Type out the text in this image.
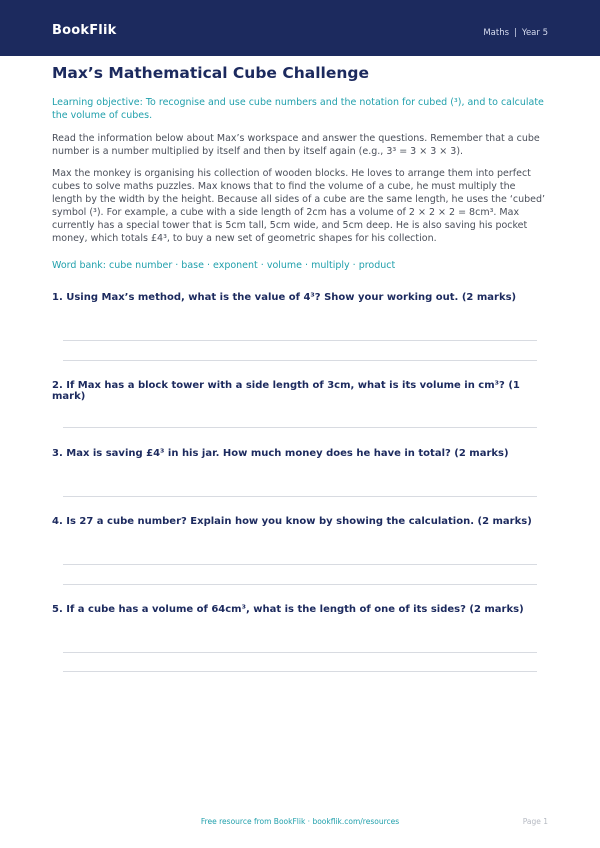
BookFlik	Maths | Year 5
Max’s Mathematical Cube Challenge

Learning objective: To recognise and use cube numbers and the notation for cubed (³), and to calculate the volume of cubes.

Read the information below about Max’s workspace and answer the questions. Remember that a cube number is a number multiplied by itself and then by itself again (e.g., 3³ = 3 × 3 × 3).

Max the monkey is organising his collection of wooden blocks. He loves to arrange them into perfect cubes to solve maths puzzles. Max knows that to find the volume of a cube, he must multiply the length by the width by the height. Because all sides of a cube are the same length, he uses the ‘cubed’ symbol (³). For example, a cube with a side length of 2cm has a volume of 2 × 2 × 2 = 8cm³. Max currently has a special tower that is 5cm tall, 5cm wide, and 5cm deep. He is also saving his pocket money, which totals £4³, to buy a new set of geometric shapes for his collection.

Word bank: cube number · base · exponent · volume · multiply · product

1. Using Max’s method, what is the value of 4³? Show your working out. (2 marks)

2. If Max has a block tower with a side length of 3cm, what is its volume in cm³? (1 mark)

3. Max is saving £4³ in his jar. How much money does he have in total? (2 marks)

4. Is 27 a cube number? Explain how you know by showing the calculation. (2 marks)

5. If a cube has a volume of 64cm³, what is the length of one of its sides? (2 marks)

Free resource from BookFlik · bookflik.com/resources	Page 1
